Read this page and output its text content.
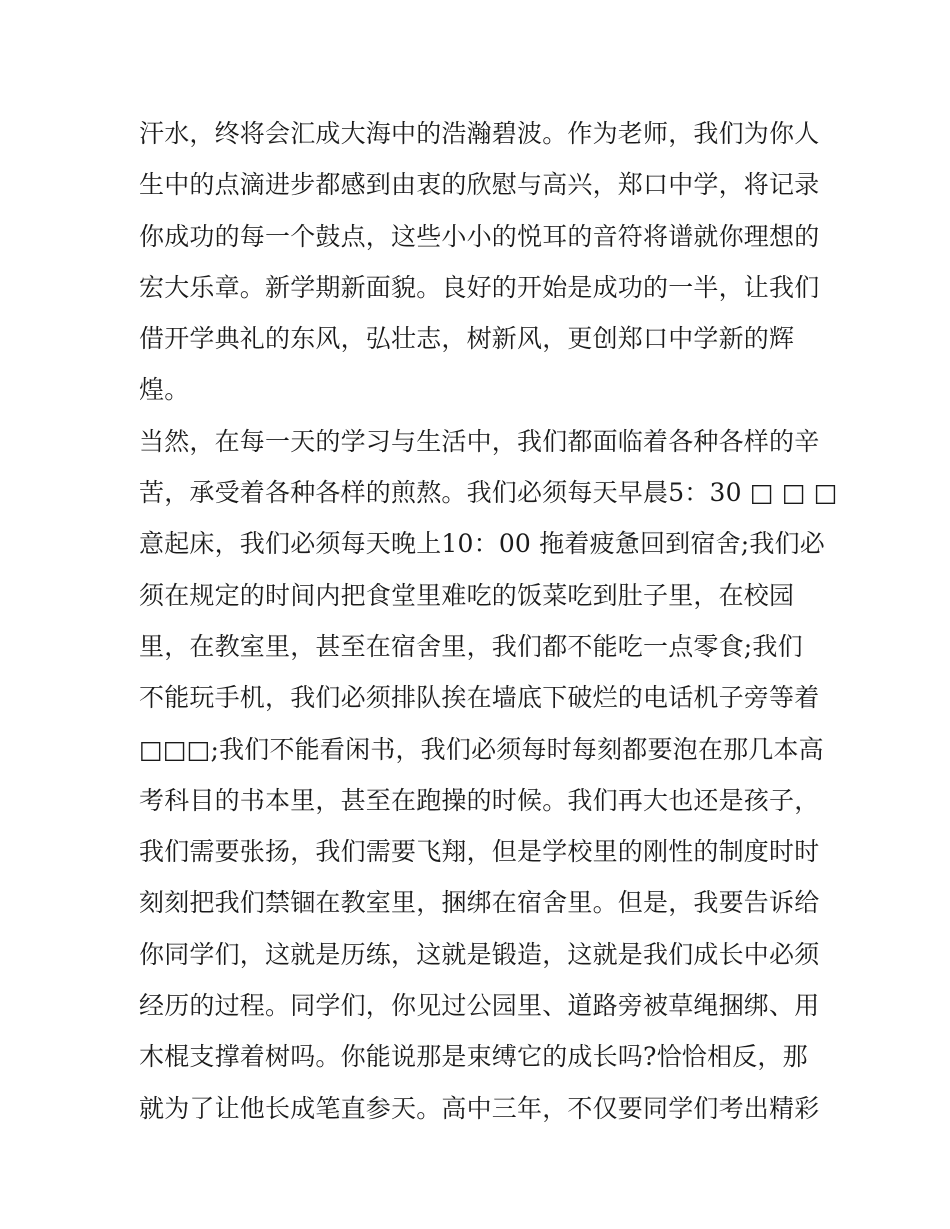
汗水，终将会汇成大海中的浩瀚碧波。作为老师，我们为你人
生中的点滴进步都感到由衷的欣慰与高兴，郑口中学，将记录
你成功的每一个鼓点，这些小小的悦耳的音符将谱就你理想的
宏大乐章。新学期新面貌。良好的开始是成功的一半，让我们
借开学典礼的东风，弘壮志，树新风，更创郑口中学新的辉
煌。
当然，在每一天的学习与生活中，我们都面临着各种各样的辛
苦，承受着各种各样的煎熬。我们必须每天早晨5：30 □ □ □
意起床，我们必须每天晚上10：00 拖着疲惫回到宿舍;我们必
须在规定的时间内把食堂里难吃的饭菜吃到肚子里，在校园
里，在教室里，甚至在宿舍里，我们都不能吃一点零食;我们
不能玩手机，我们必须排队挨在墙底下破烂的电话机子旁等着
□□□;我们不能看闲书，我们必须每时每刻都要泡在那几本高
考科目的书本里，甚至在跑操的时候。我们再大也还是孩子，
我们需要张扬，我们需要飞翔，但是学校里的刚性的制度时时
刻刻把我们禁锢在教室里，捆绑在宿舍里。但是，我要告诉给
你同学们，这就是历练，这就是锻造，这就是我们成长中必须
经历的过程。同学们，你见过公园里、道路旁被草绳捆绑、用
木棍支撑着树吗。你能说那是束缚它的成长吗?恰恰相反，那
就为了让他长成笔直参天。高中三年，不仅要同学们考出精彩
